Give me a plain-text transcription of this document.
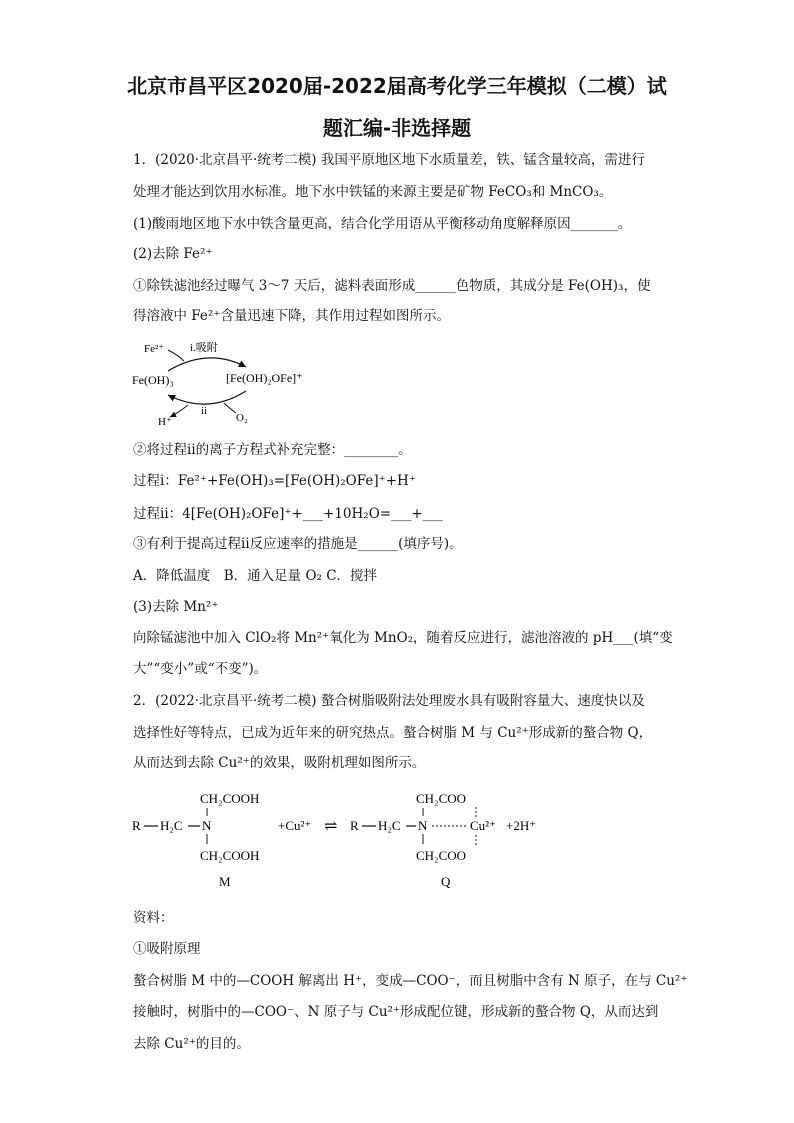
北京市昌平区2020届-2022届高考化学三年模拟（二模）试
题汇编-非选择题
1．(2020·北京昌平·统考二模) 我国平原地区地下水质量差，铁、锰含量较高，需进行
处理才能达到饮用水标准。地下水中铁锰的来源主要是矿物 FeCO₃和 MnCO₃。
(1)酸雨地区地下水中铁含量更高，结合化学用语从平衡移动角度解释原因_______。
(2)去除 Fe²⁺
①除铁滤池经过曝气 3～7 天后，滤料表面形成______色物质，其成分是 Fe(OH)₃，使
得溶液中 Fe²⁺含量迅速下降，其作用过程如图所示。
Fe²⁺ i.吸附
Fe(OH)₃	[Fe(OH)₂OFe]⁺
H⁺
ii
O₂
②将过程ⅱ的离子方程式补充完整：________。
过程ⅰ：Fe²⁺+Fe(OH)₃=[Fe(OH)₂OFe]⁺+H⁺
过程ⅱ：4[Fe(OH)₂OFe]⁺+___+10H₂O=___+___
③有利于提高过程ⅱ反应速率的措施是______(填序号)。
A．降低温度　B．通入足量 O₂ C．搅拌
(3)去除 Mn²⁺
向除锰滤池中加入 ClO₂将 Mn²⁺氧化为 MnO₂，随着反应进行，滤池溶液的 pH___(填“变
大”“变小”或“不变”)。
2．(2022·北京昌平·统考二模) 螯合树脂吸附法处理废水具有吸附容量大、速度快以及
选择性好等特点，已成为近年来的研究热点。螯合树脂 M 与 Cu²⁺形成新的螯合物 Q，
从而达到去除 Cu²⁺的效果，吸附机理如图所示。
R H₂C N
CH₂COOH
CH₂COOH
M
+Cu²⁺ ⇌ R H₂C N
CH₂COO
CH₂COO
Cu²⁺ +2H⁺
Q
资料：
①吸附原理
螯合树脂 M 中的—COOH 解离出 H⁺，变成—COO⁻，而且树脂中含有 N 原子，在与 Cu²⁺
接触时，树脂中的—COO⁻、N 原子与 Cu²⁺形成配位键，形成新的螯合物 Q，从而达到
去除 Cu²⁺的目的。
